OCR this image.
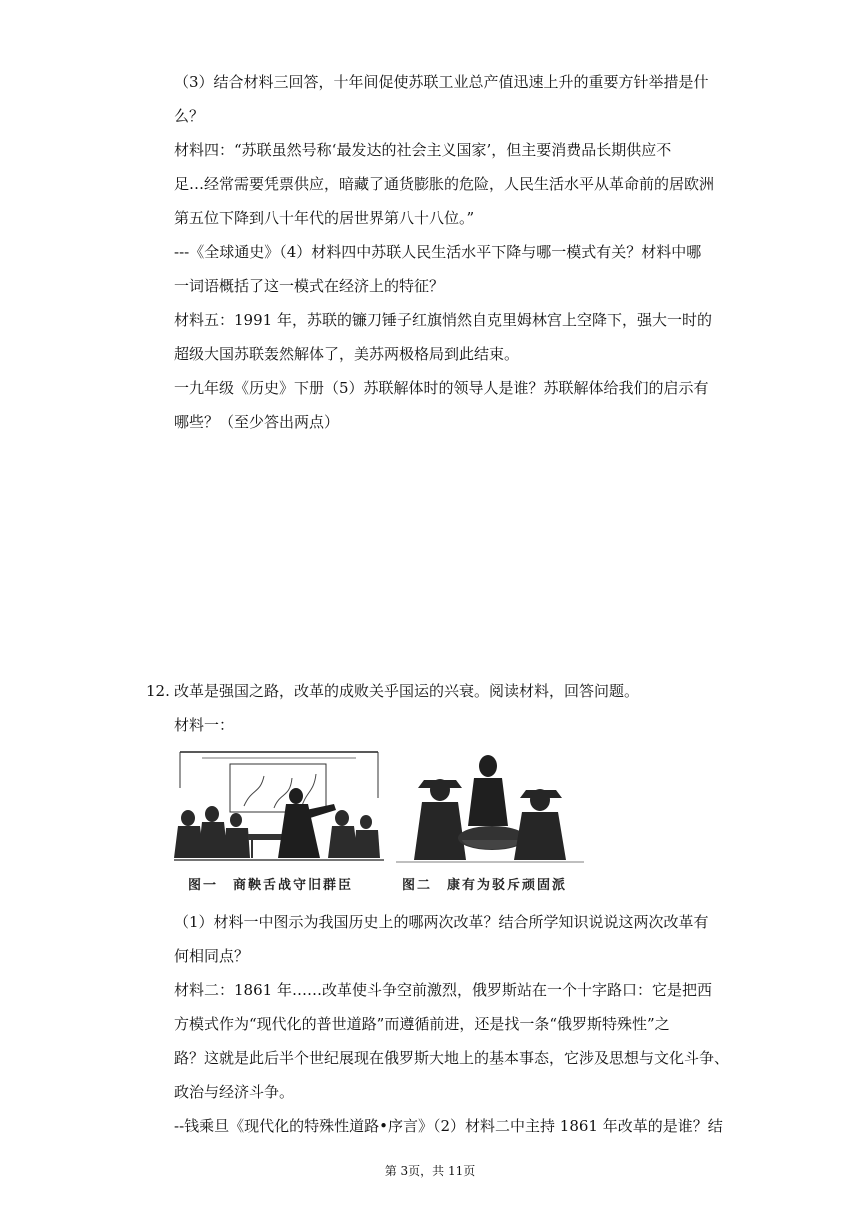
（3）结合材料三回答，十年间促使苏联工业总产值迅速上升的重要方针举措是什
么？
材料四：“苏联虽然号称‘最发达的社会主义国家’，但主要消费品长期供应不
足…经常需要凭票供应，暗藏了通货膨胀的危险，人民生活水平从革命前的居欧洲
第五位下降到八十年代的居世界第八十八位。”
---《全球通史》（4）材料四中苏联人民生活水平下降与哪一模式有关？材料中哪
一词语概括了这一模式在经济上的特征？
材料五：1991 年，苏联的镰刀锤子红旗悄然自克里姆林宫上空降下，强大一时的
超级大国苏联轰然解体了，美苏两极格局到此结束。
一九年级《历史》下册（5）苏联解体时的领导人是谁？苏联解体给我们的启示有
哪些？（至少答出两点）
12. 改革是强国之路，改革的成败关乎国运的兴衰。阅读材料，回答问题。
材料一：
图一　商鞅舌战守旧群臣	图二　康有为驳斥顽固派
（1）材料一中图示为我国历史上的哪两次改革？结合所学知识说说这两次改革有
何相同点？
材料二：1861 年……改革使斗争空前激烈，俄罗斯站在一个十字路口：它是把西
方模式作为“现代化的普世道路”而遵循前进，还是找一条“俄罗斯特殊性”之
路？这就是此后半个世纪展现在俄罗斯大地上的基本事态，它涉及思想与文化斗争、
政治与经济斗争。
--钱乘旦《现代化的特殊性道路•序言》（2）材料二中主持 1861 年改革的是谁？结
第 3页，共 11页
